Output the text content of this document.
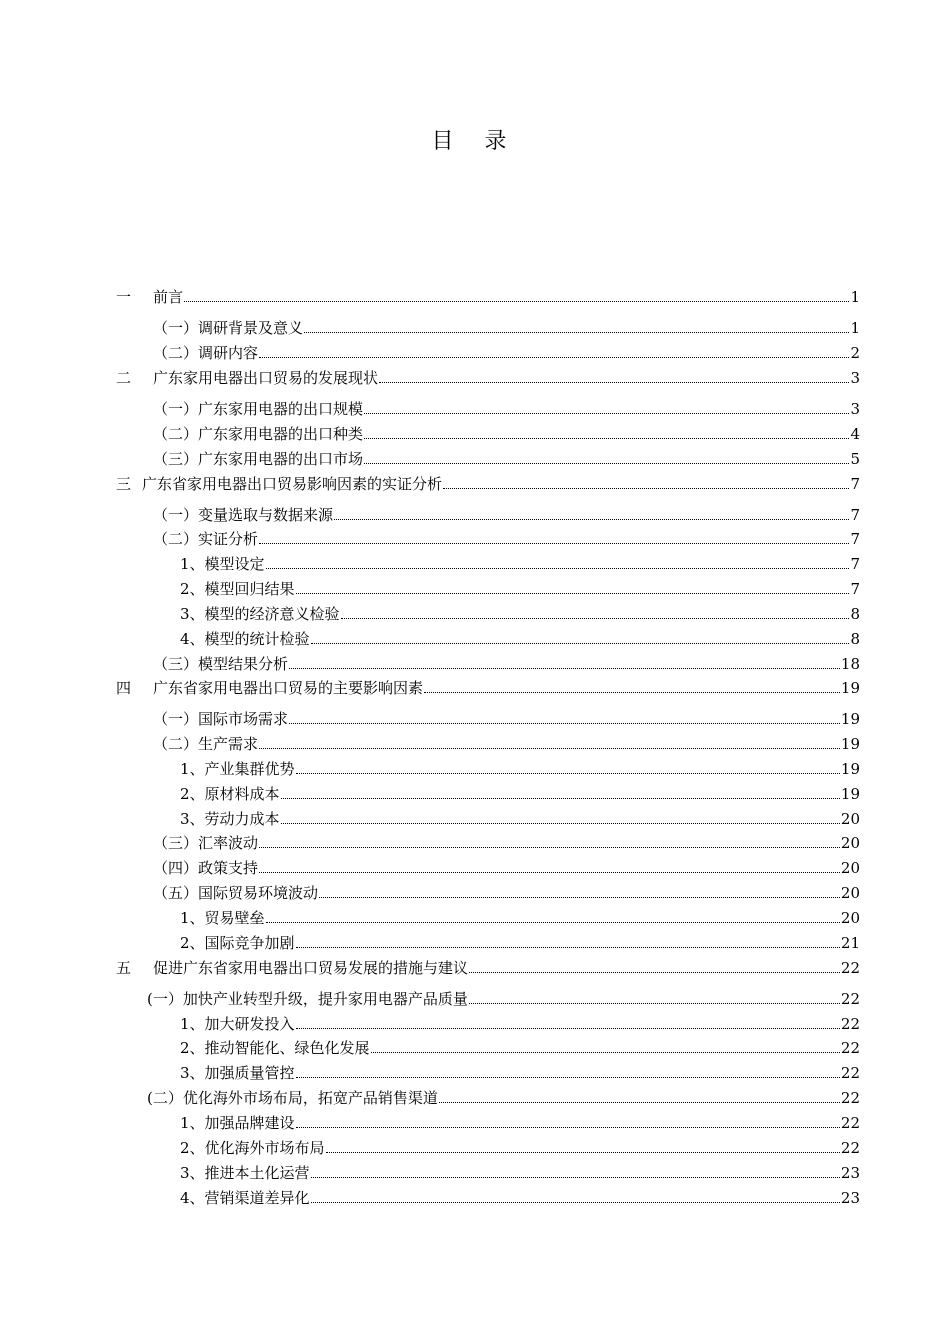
目 录
一	前言	1
（一）调研背景及意义	1
（二）调研内容	2
二	广东家用电器出口贸易的发展现状	3
（一）广东家用电器的出口规模	3
（二）广东家用电器的出口种类	4
（三）广东家用电器的出口市场	5
三 广东省家用电器出口贸易影响因素的实证分析	7
（一）变量选取与数据来源	7
（二）实证分析	7
1、模型设定	7
2、模型回归结果	7
3、模型的经济意义检验	8
4、模型的统计检验	8
（三）模型结果分析	18
四	广东省家用电器出口贸易的主要影响因素	19
（一）国际市场需求	19
（二）生产需求	19
1、产业集群优势	19
2、原材料成本	19
3、劳动力成本	20
（三）汇率波动	20
（四）政策支持	20
（五）国际贸易环境波动	20
1、贸易壁垒	20
2、国际竞争加剧	21
五	促进广东省家用电器出口贸易发展的措施与建议	22
(一）加快产业转型升级，提升家用电器产品质量	22
1、加大研发投入	22
2、推动智能化、绿色化发展	22
3、加强质量管控	22
(二）优化海外市场布局，拓宽产品销售渠道	22
1、加强品牌建设	22
2、优化海外市场布局	22
3、推进本土化运营	23
4、营销渠道差异化	23
